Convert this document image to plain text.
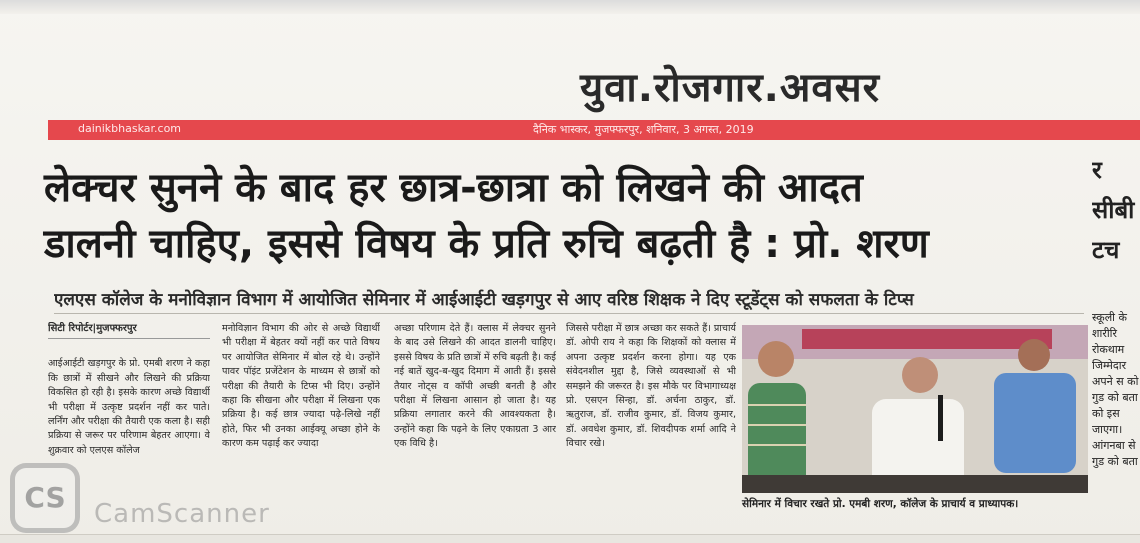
युवा.रोजगार.अवसर
dainikbhaskar.com	दैनिक भास्कर, मुजफ्फरपुर, शनिवार, 3 अगस्त, 2019
लेक्चर सुनने के बाद हर छात्र-छात्रा को लिखने की आदत
डालनी चाहिए, इससे विषय के प्रति रुचि बढ़ती है : प्रो. शरण
एलएस कॉलेज के मनोविज्ञान विभाग में आयोजित सेमिनार में आईआईटी खड़गपुर से आए वरिष्ठ शिक्षक ने दिए स्टूडेंट्स को सफलता के टिप्स
सिटी रिपोर्टर|मुजफ्फरपुर

आईआईटी खड़गपुर के प्रो. एमबी शरण ने कहा कि छात्रों में सीखने और लिखने की प्रक्रिया विकसित हो रही है। इसके कारण अच्छे विद्यार्थी भी परीक्षा में उत्कृष्ट प्रदर्शन नहीं कर पाते। लर्निंग और परीक्षा की तैयारी एक कला है। सही प्रक्रिया से जरूर पर परिणाम बेहतर आएगा। वे शुक्रवार को एलएस कॉलेज

मनोविज्ञान विभाग की ओर से अच्छे विद्यार्थी भी परीक्षा में बेहतर क्यों नहीं कर पाते विषय पर आयोजित सेमिनार में बोल रहे थे। उन्होंने पावर पॉइंट प्रजेंटेशन के माध्यम से छात्रों को परीक्षा की तैयारी के टिप्स भी दिए। उन्होंने कहा कि सीखना और परीक्षा में लिखना एक प्रक्रिया है। कई छात्र ज्यादा पढ़े-लिखे नहीं होते, फिर भी उनका आईक्यू अच्छा होने के कारण कम पढ़ाई कर ज्यादा

अच्छा परिणाम देते हैं। क्लास में लेक्चर सुनने के बाद उसे लिखने की आदत डालनी चाहिए। इससे विषय के प्रति छात्रों में रुचि बढ़ती है। कई नई बातें खुद-ब-खुद दिमाग में आती हैं। इससे तैयार नोट्स व कॉपी अच्छी बनती है और परीक्षा में लिखना आसान हो जाता है। यह प्रक्रिया लगातार करने की आवश्यकता है। उन्होंने कहा कि पढ़ने के लिए एकाग्रता 3 आर एक विधि है।

जिससे परीक्षा में छात्र अच्छा कर सकते हैं। प्राचार्य डॉ. ओपी राय ने कहा कि शिक्षकों को क्लास में अपना उत्कृष्ट प्रदर्शन करना होगा। यह एक संवेदनशील मुद्दा है, जिसे व्यवस्थाओं से भी समझने की जरूरत है। इस मौके पर विभागाध्यक्ष प्रो. एसएन सिन्हा, डॉ. अर्चना ठाकुर, डॉ. ऋतुराज, डॉ. राजीव कुमार, डॉ. विजय कुमार, डॉ. अवधेश कुमार, डॉ. शिवदीपक शर्मा आदि ने विचार रखे।

सेमिनार में विचार रखते प्रो. एमबी शरण, कॉलेज के प्राचार्य व प्राध्यापक।
र
सीबी
टच

स्कूली के शारीरि रोकथाम जिम्मेदार अपने स को गुड को बता को इस जाएगा। आंगनबा से गुड को बता

CS	CamScanner
